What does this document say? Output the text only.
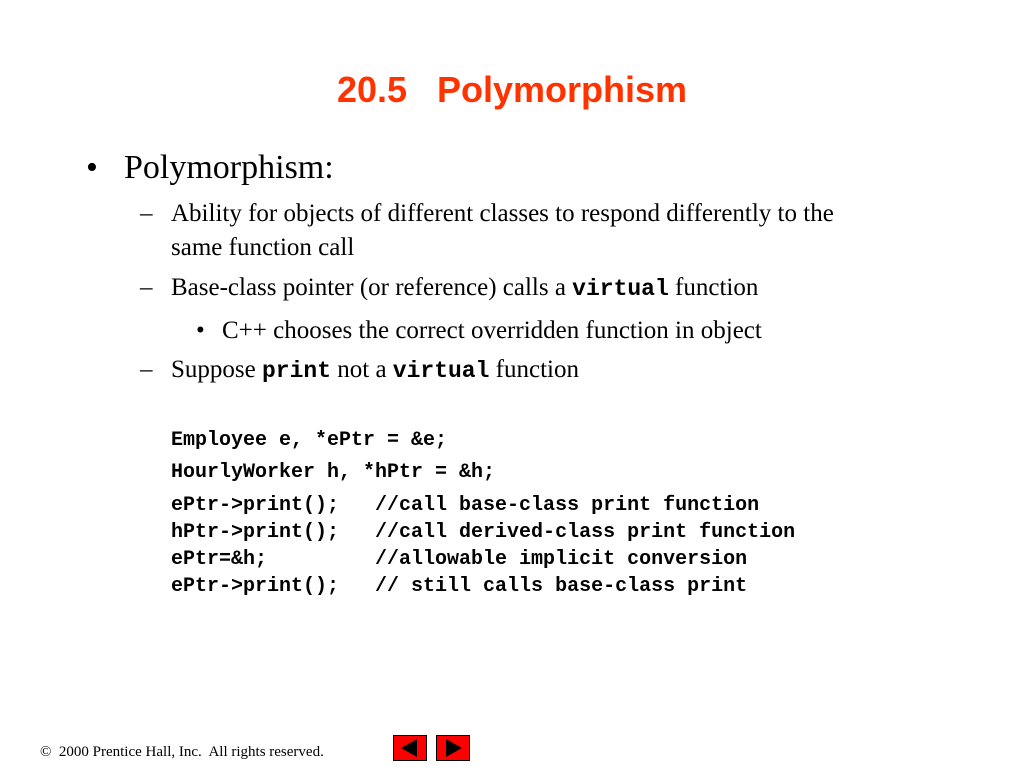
20.5   Polymorphism
• Polymorphism:
– Ability for objects of different classes to respond differently to the
same function call
– Base-class pointer (or reference) calls a virtual function
• C++ chooses the correct overridden function in object
– Suppose print not a virtual function
Employee e, *ePtr = &e;
HourlyWorker h, *hPtr = &h;
ePtr->print();   //call base-class print function
hPtr->print();   //call derived-class print function
ePtr=&h;         //allowable implicit conversion
ePtr->print();   // still calls base-class print
©  2000 Prentice Hall, Inc.  All rights reserved.
